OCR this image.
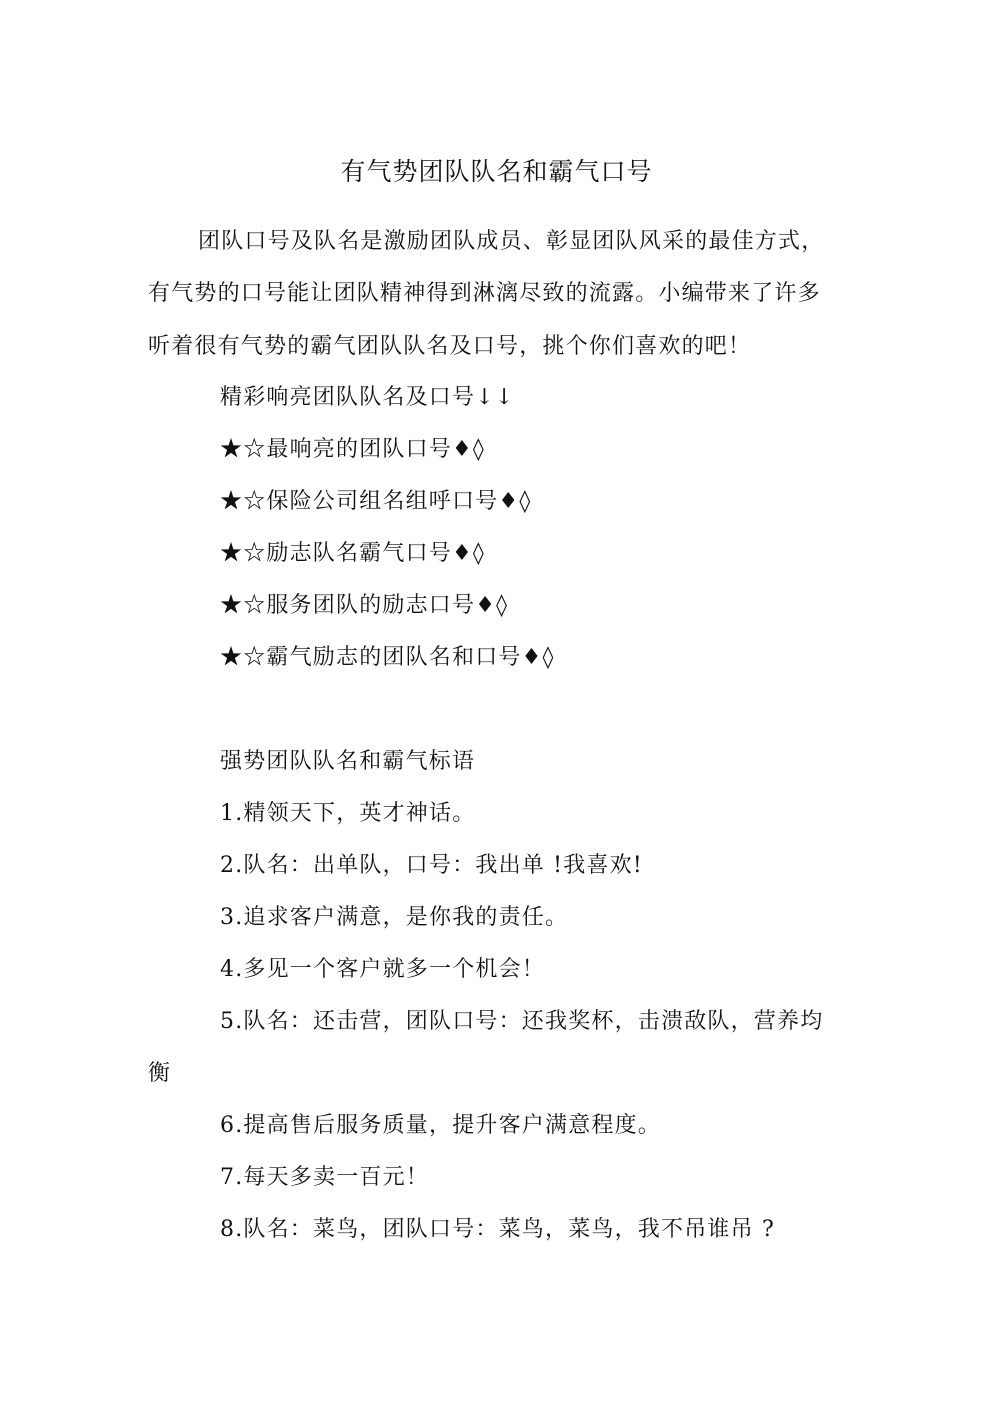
有气势团队队名和霸气口号
团队口号及队名是激励团队成员、彰显团队风采的最佳方式，
有气势的口号能让团队精神得到淋漓尽致的流露。小编带来了许多
听着很有气势的霸气团队队名及口号，挑个你们喜欢的吧！
精彩响亮团队队名及口号↓↓
★☆最响亮的团队口号♦◊
★☆保险公司组名组呼口号♦◊
★☆励志队名霸气口号♦◊
★☆服务团队的励志口号♦◊
★☆霸气励志的团队名和口号♦◊
强势团队队名和霸气标语
1.精领天下，英才神话。
2.队名：出单队，口号：我出单 !我喜欢!
3.追求客户满意，是你我的责任。
4.多见一个客户就多一个机会！
5.队名：还击营，团队口号：还我奖杯，击溃敌队，营养均
衡
6.提高售后服务质量，提升客户满意程度。
7.每天多卖一百元！
8.队名：菜鸟，团队口号：菜鸟，菜鸟，我不吊谁吊 ?
